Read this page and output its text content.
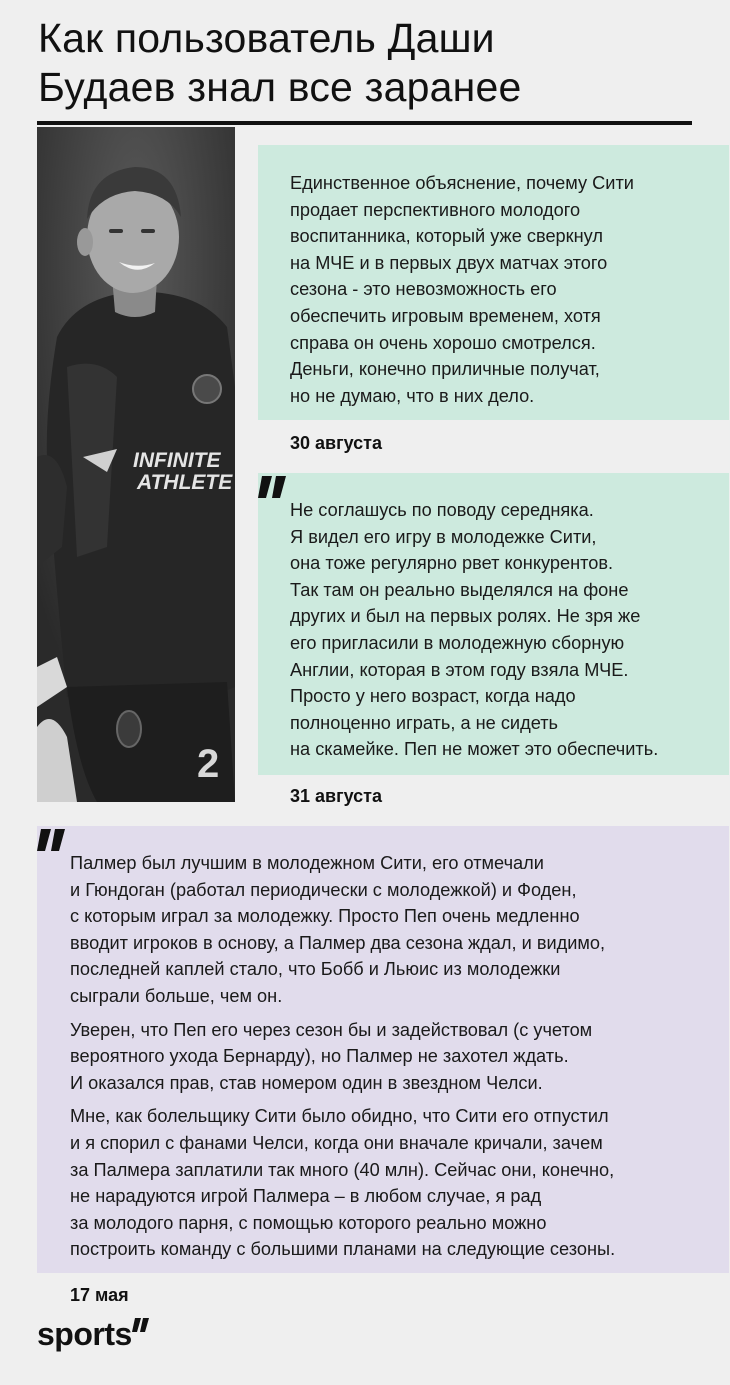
Как пользователь Даши
Будаев знал все заранее
INFINITE
ATHLETE
2
Единственное объяснение, почему Сити
продает перспективного молодого
воспитанника, который уже сверкнул
на МЧЕ и в первых двух матчах этого
сезона - это невозможность его
обеспечить игровым временем, хотя
справа он очень хорошо смотрелся.
Деньги, конечно приличные получат,
но не думаю, что в них дело.
30 августа
Не соглашусь по поводу середняка.
Я видел его игру в молодежке Сити,
она тоже регулярно рвет конкурентов.
Так там он реально выделялся на фоне
других и был на первых ролях. Не зря же
его пригласили в молодежную сборную
Англии, которая в этом году взяла МЧЕ.
Просто у него возраст, когда надо
полноценно играть, а не сидеть
на скамейке. Пеп не может это обеспечить.
31 августа
Палмер был лучшим в молодежном Сити, его отмечали
и Гюндоган (работал периодически с молодежкой) и Фоден,
с которым играл за молодежку. Просто Пеп очень медленно
вводит игроков в основу, а Палмер два сезона ждал, и видимо,
последней каплей стало, что Бобб и Льюис из молодежки
сыграли больше, чем он.
Уверен, что Пеп его через сезон бы и задействовал (с учетом
вероятного ухода Бернарду), но Палмер не захотел ждать.
И оказался прав, став номером один в звездном Челси.
Мне, как болельщику Сити было обидно, что Сити его отпустил
и я спорил с фанами Челси, когда они вначале кричали, зачем
за Палмера заплатили так много (40 млн). Сейчас они, конечно,
не нарадуются игрой Палмера – в любом случае, я рад
за молодого парня, с помощью которого реально можно
построить команду с большими планами на следующие сезоны.
17 мая
sports
